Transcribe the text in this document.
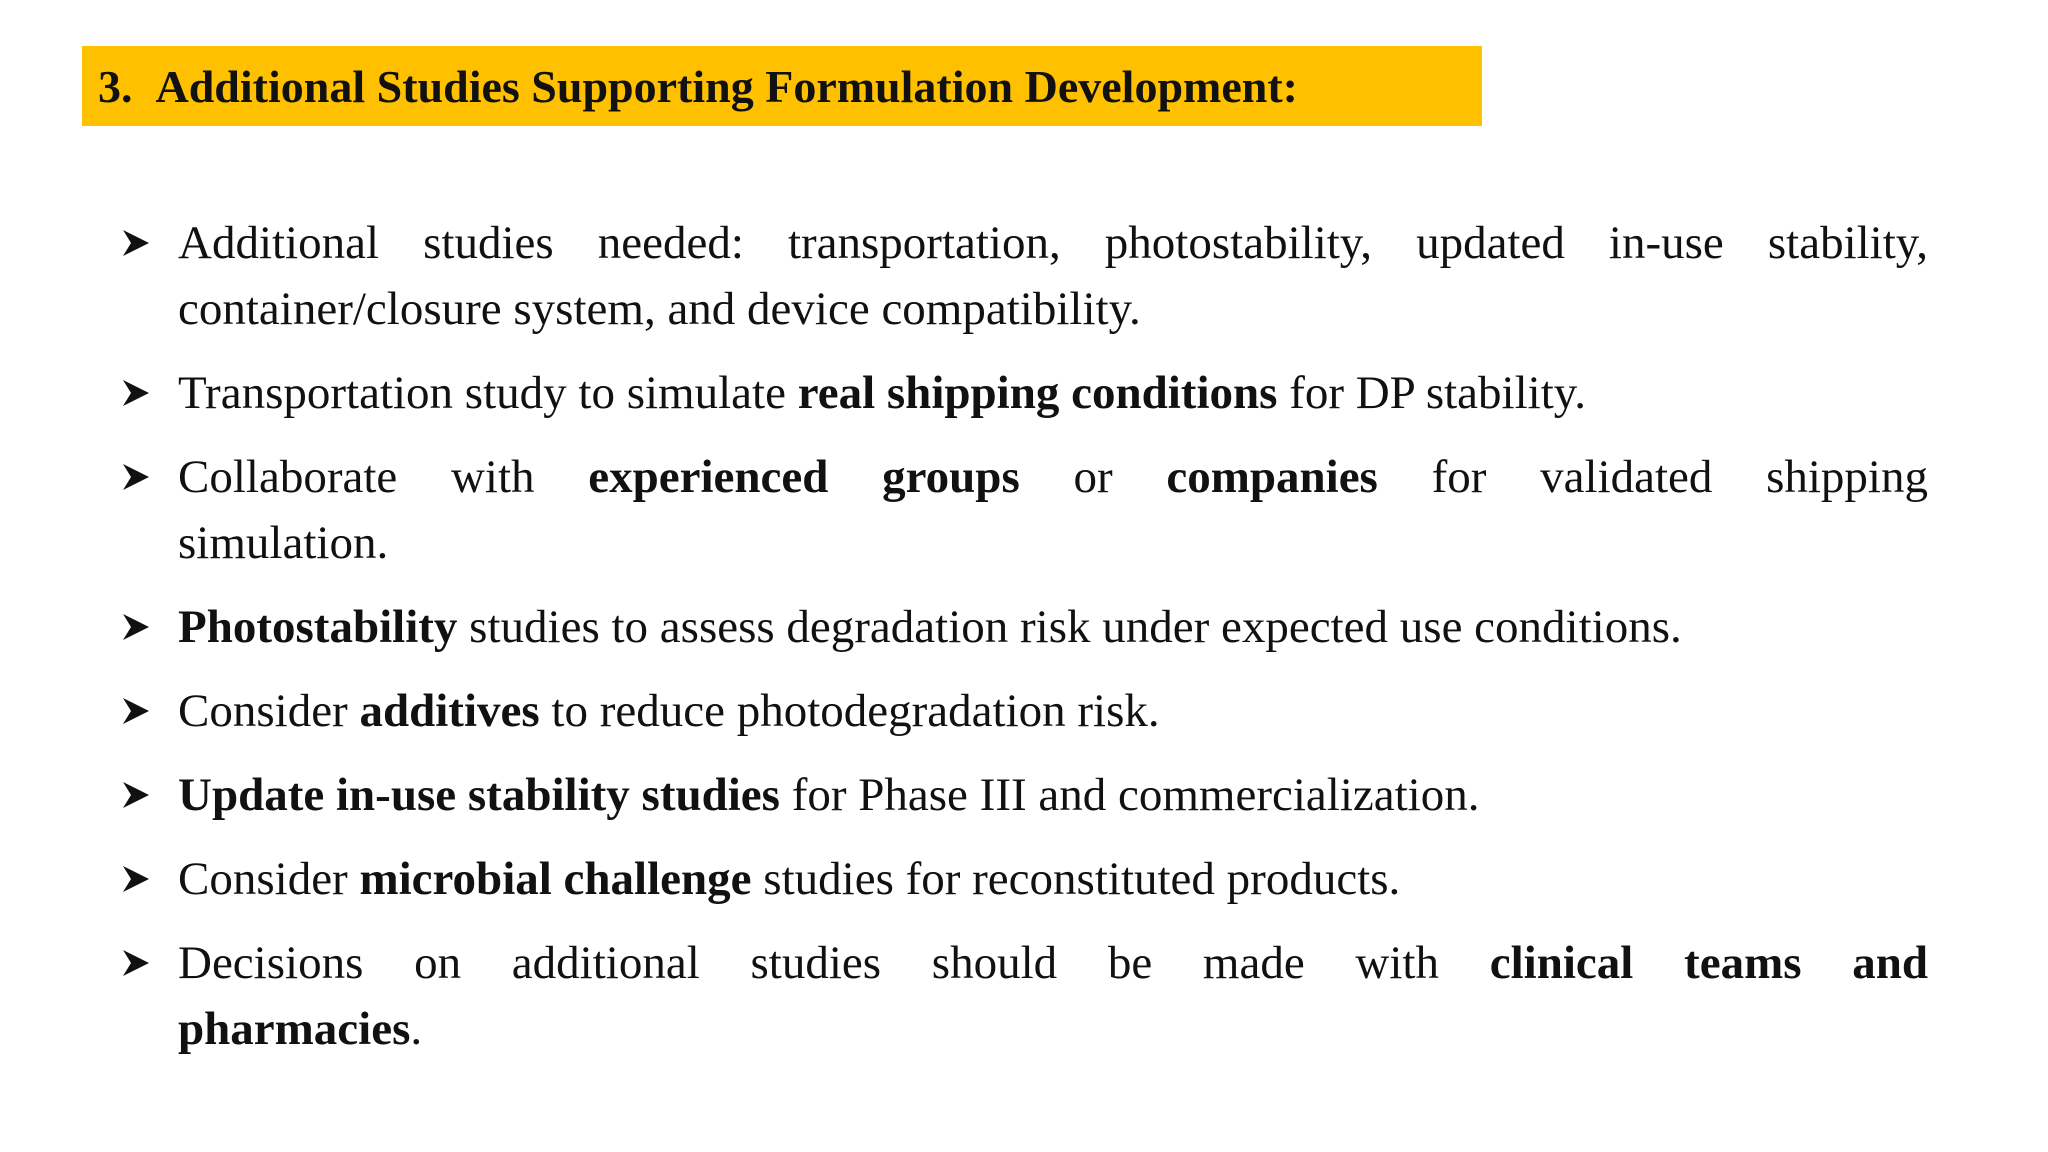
3. Additional Studies Supporting Formulation Development:
Additional studies needed: transportation, photostability, updated in-use stability,
container/closure system, and device compatibility.
Transportation study to simulate real shipping conditions for DP stability.
Collaborate with experienced groups or companies for validated shipping
simulation.
Photostability studies to assess degradation risk under expected use conditions.
Consider additives to reduce photodegradation risk.
Update in-use stability studies for Phase III and commercialization.
Consider microbial challenge studies for reconstituted products.
Decisions on additional studies should be made with clinical teams and
pharmacies.
